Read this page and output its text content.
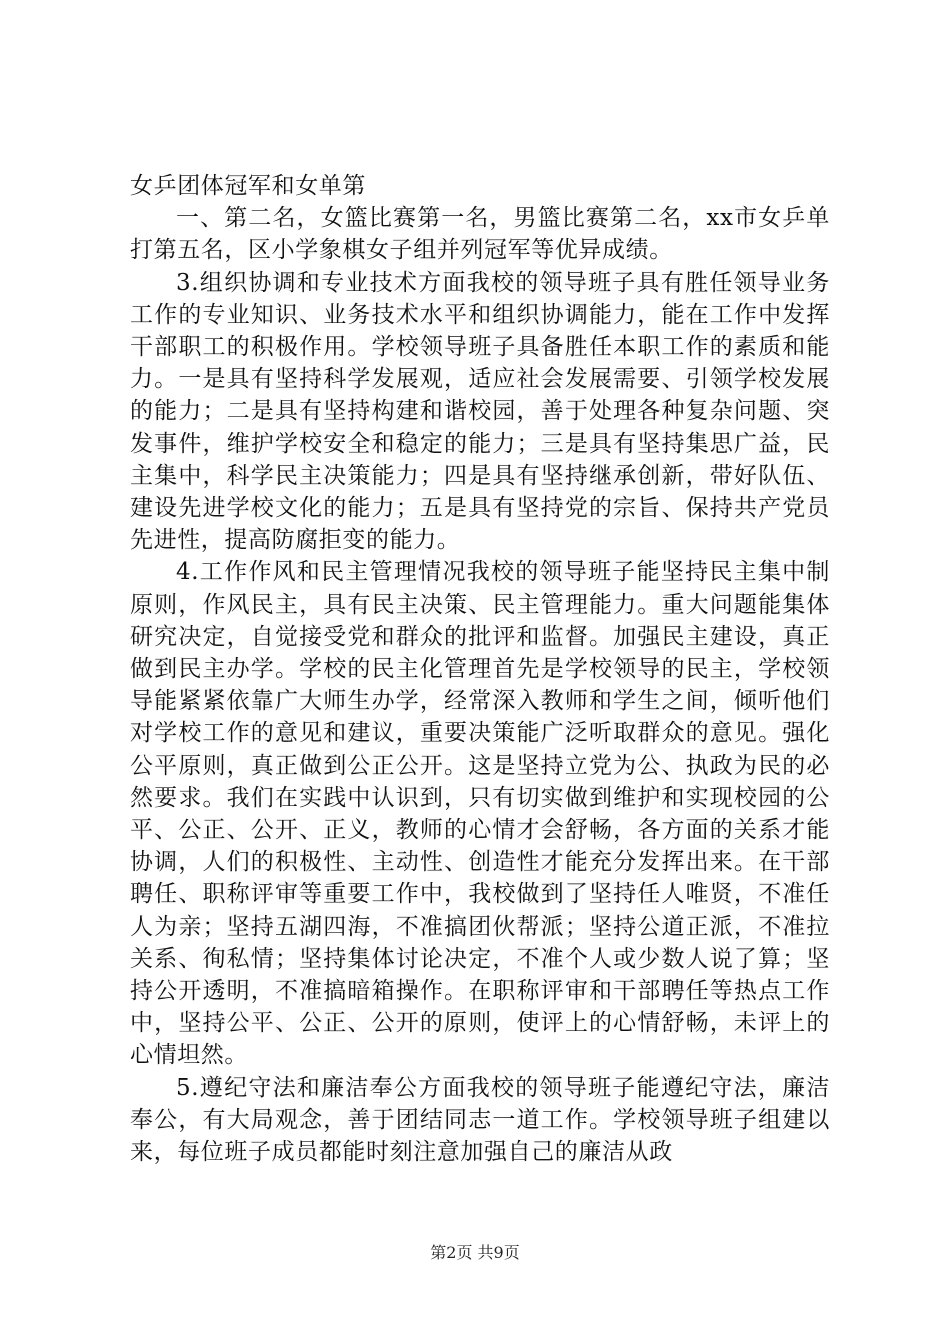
女乒团体冠军和女单第

一、第二名，女篮比赛第一名，男篮比赛第二名，xx市女乒单打第五名，区小学象棋女子组并列冠军等优异成绩。

3.组织协调和专业技术方面我校的领导班子具有胜任领导业务工作的专业知识、业务技术水平和组织协调能力，能在工作中发挥干部职工的积极作用。学校领导班子具备胜任本职工作的素质和能力。一是具有坚持科学发展观，适应社会发展需要、引领学校发展的能力；二是具有坚持构建和谐校园，善于处理各种复杂问题、突发事件，维护学校安全和稳定的能力；三是具有坚持集思广益，民主集中，科学民主决策能力；四是具有坚持继承创新，带好队伍、建设先进学校文化的能力；五是具有坚持党的宗旨、保持共产党员先进性，提高防腐拒变的能力。

4.工作作风和民主管理情况我校的领导班子能坚持民主集中制原则，作风民主，具有民主决策、民主管理能力。重大问题能集体研究决定，自觉接受党和群众的批评和监督。加强民主建设，真正做到民主办学。学校的民主化管理首先是学校领导的民主，学校领导能紧紧依靠广大师生办学，经常深入教师和学生之间，倾听他们对学校工作的意见和建议，重要决策能广泛听取群众的意见。强化公平原则，真正做到公正公开。这是坚持立党为公、执政为民的必然要求。我们在实践中认识到，只有切实做到维护和实现校园的公平、公正、公开、正义，教师的心情才会舒畅，各方面的关系才能协调，人们的积极性、主动性、创造性才能充分发挥出来。在干部聘任、职称评审等重要工作中，我校做到了坚持任人唯贤，不准任人为亲；坚持五湖四海，不准搞团伙帮派；坚持公道正派，不准拉关系、徇私情；坚持集体讨论决定，不准个人或少数人说了算；坚持公开透明，不准搞暗箱操作。在职称评审和干部聘任等热点工作中，坚持公平、公正、公开的原则，使评上的心情舒畅，未评上的心情坦然。

5.遵纪守法和廉洁奉公方面我校的领导班子能遵纪守法，廉洁奉公，有大局观念，善于团结同志一道工作。学校领导班子组建以来，每位班子成员都能时刻注意加强自己的廉洁从政

第2页 共9页
